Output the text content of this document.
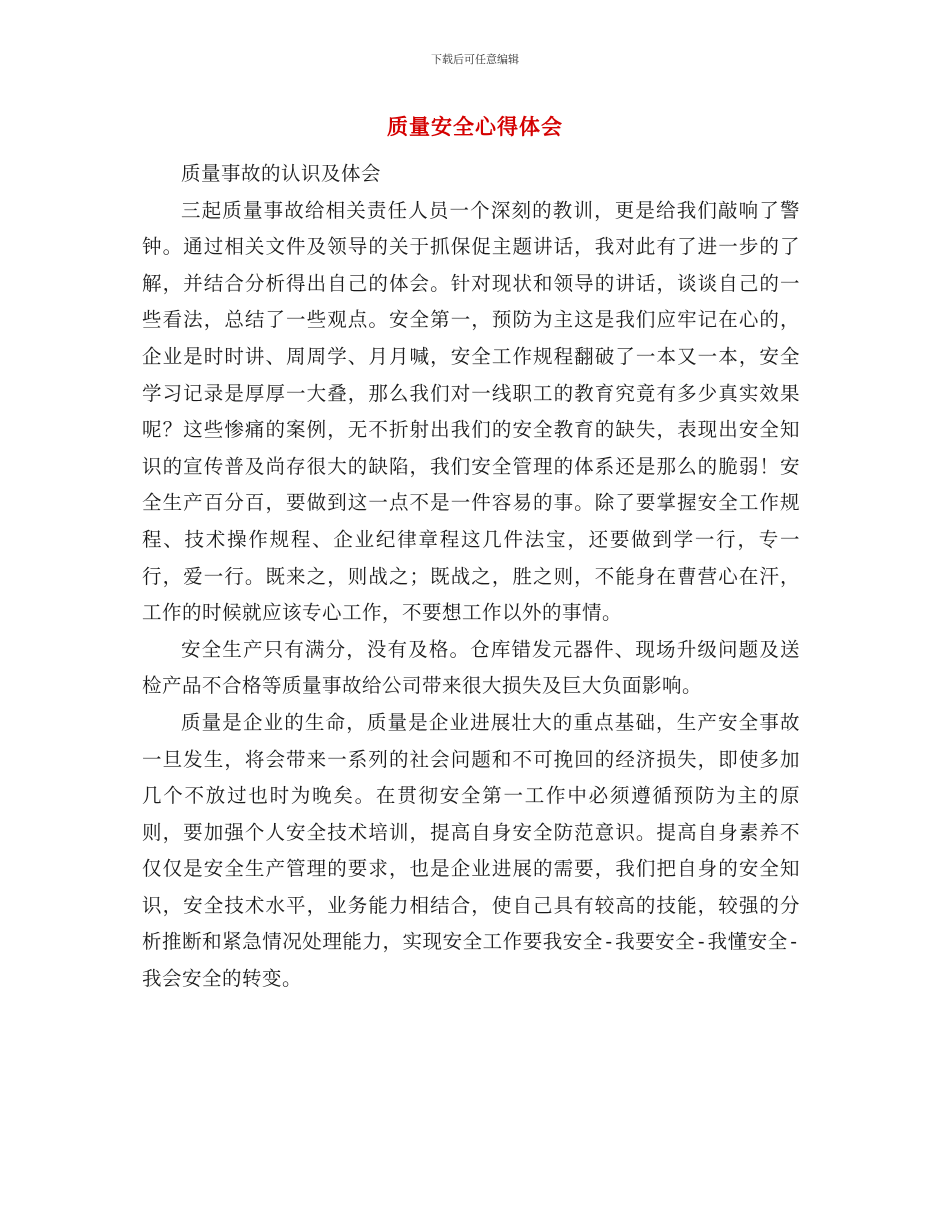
下载后可任意编辑
质量安全心得体会

质量事故的认识及体会

三起质量事故给相关责任人员一个深刻的教训，更是给我们敲响了警钟。通过相关文件及领导的关于抓保促主题讲话，我对此有了进一步的了解，并结合分析得出自己的体会。针对现状和领导的讲话，谈谈自己的一些看法，总结了一些观点。安全第一，预防为主这是我们应牢记在心的，企业是时时讲、周周学、月月喊，安全工作规程翻破了一本又一本，安全学习记录是厚厚一大叠，那么我们对一线职工的教育究竟有多少真实效果呢？这些惨痛的案例，无不折射出我们的安全教育的缺失，表现出安全知识的宣传普及尚存很大的缺陷，我们安全管理的体系还是那么的脆弱！安全生产百分百，要做到这一点不是一件容易的事。除了要掌握安全工作规程、技术操作规程、企业纪律章程这几件法宝，还要做到学一行，专一行，爱一行。既来之，则战之；既战之，胜之则，不能身在曹营心在汗，工作的时候就应该专心工作，不要想工作以外的事情。

安全生产只有满分，没有及格。仓库错发元器件、现场升级问题及送检产品不合格等质量事故给公司带来很大损失及巨大负面影响。

质量是企业的生命，质量是企业进展壮大的重点基础，生产安全事故一旦发生，将会带来一系列的社会问题和不可挽回的经济损失，即使多加几个不放过也时为晚矣。在贯彻安全第一工作中必须遵循预防为主的原则，要加强个人安全技术培训，提高自身安全防范意识。提高自身素养不仅仅是安全生产管理的要求，也是企业进展的需要，我们把自身的安全知识，安全技术水平，业务能力相结合，使自己具有较高的技能，较强的分析推断和紧急情况处理能力，实现安全工作要我安全-我要安全-我懂安全-我会安全的转变。
